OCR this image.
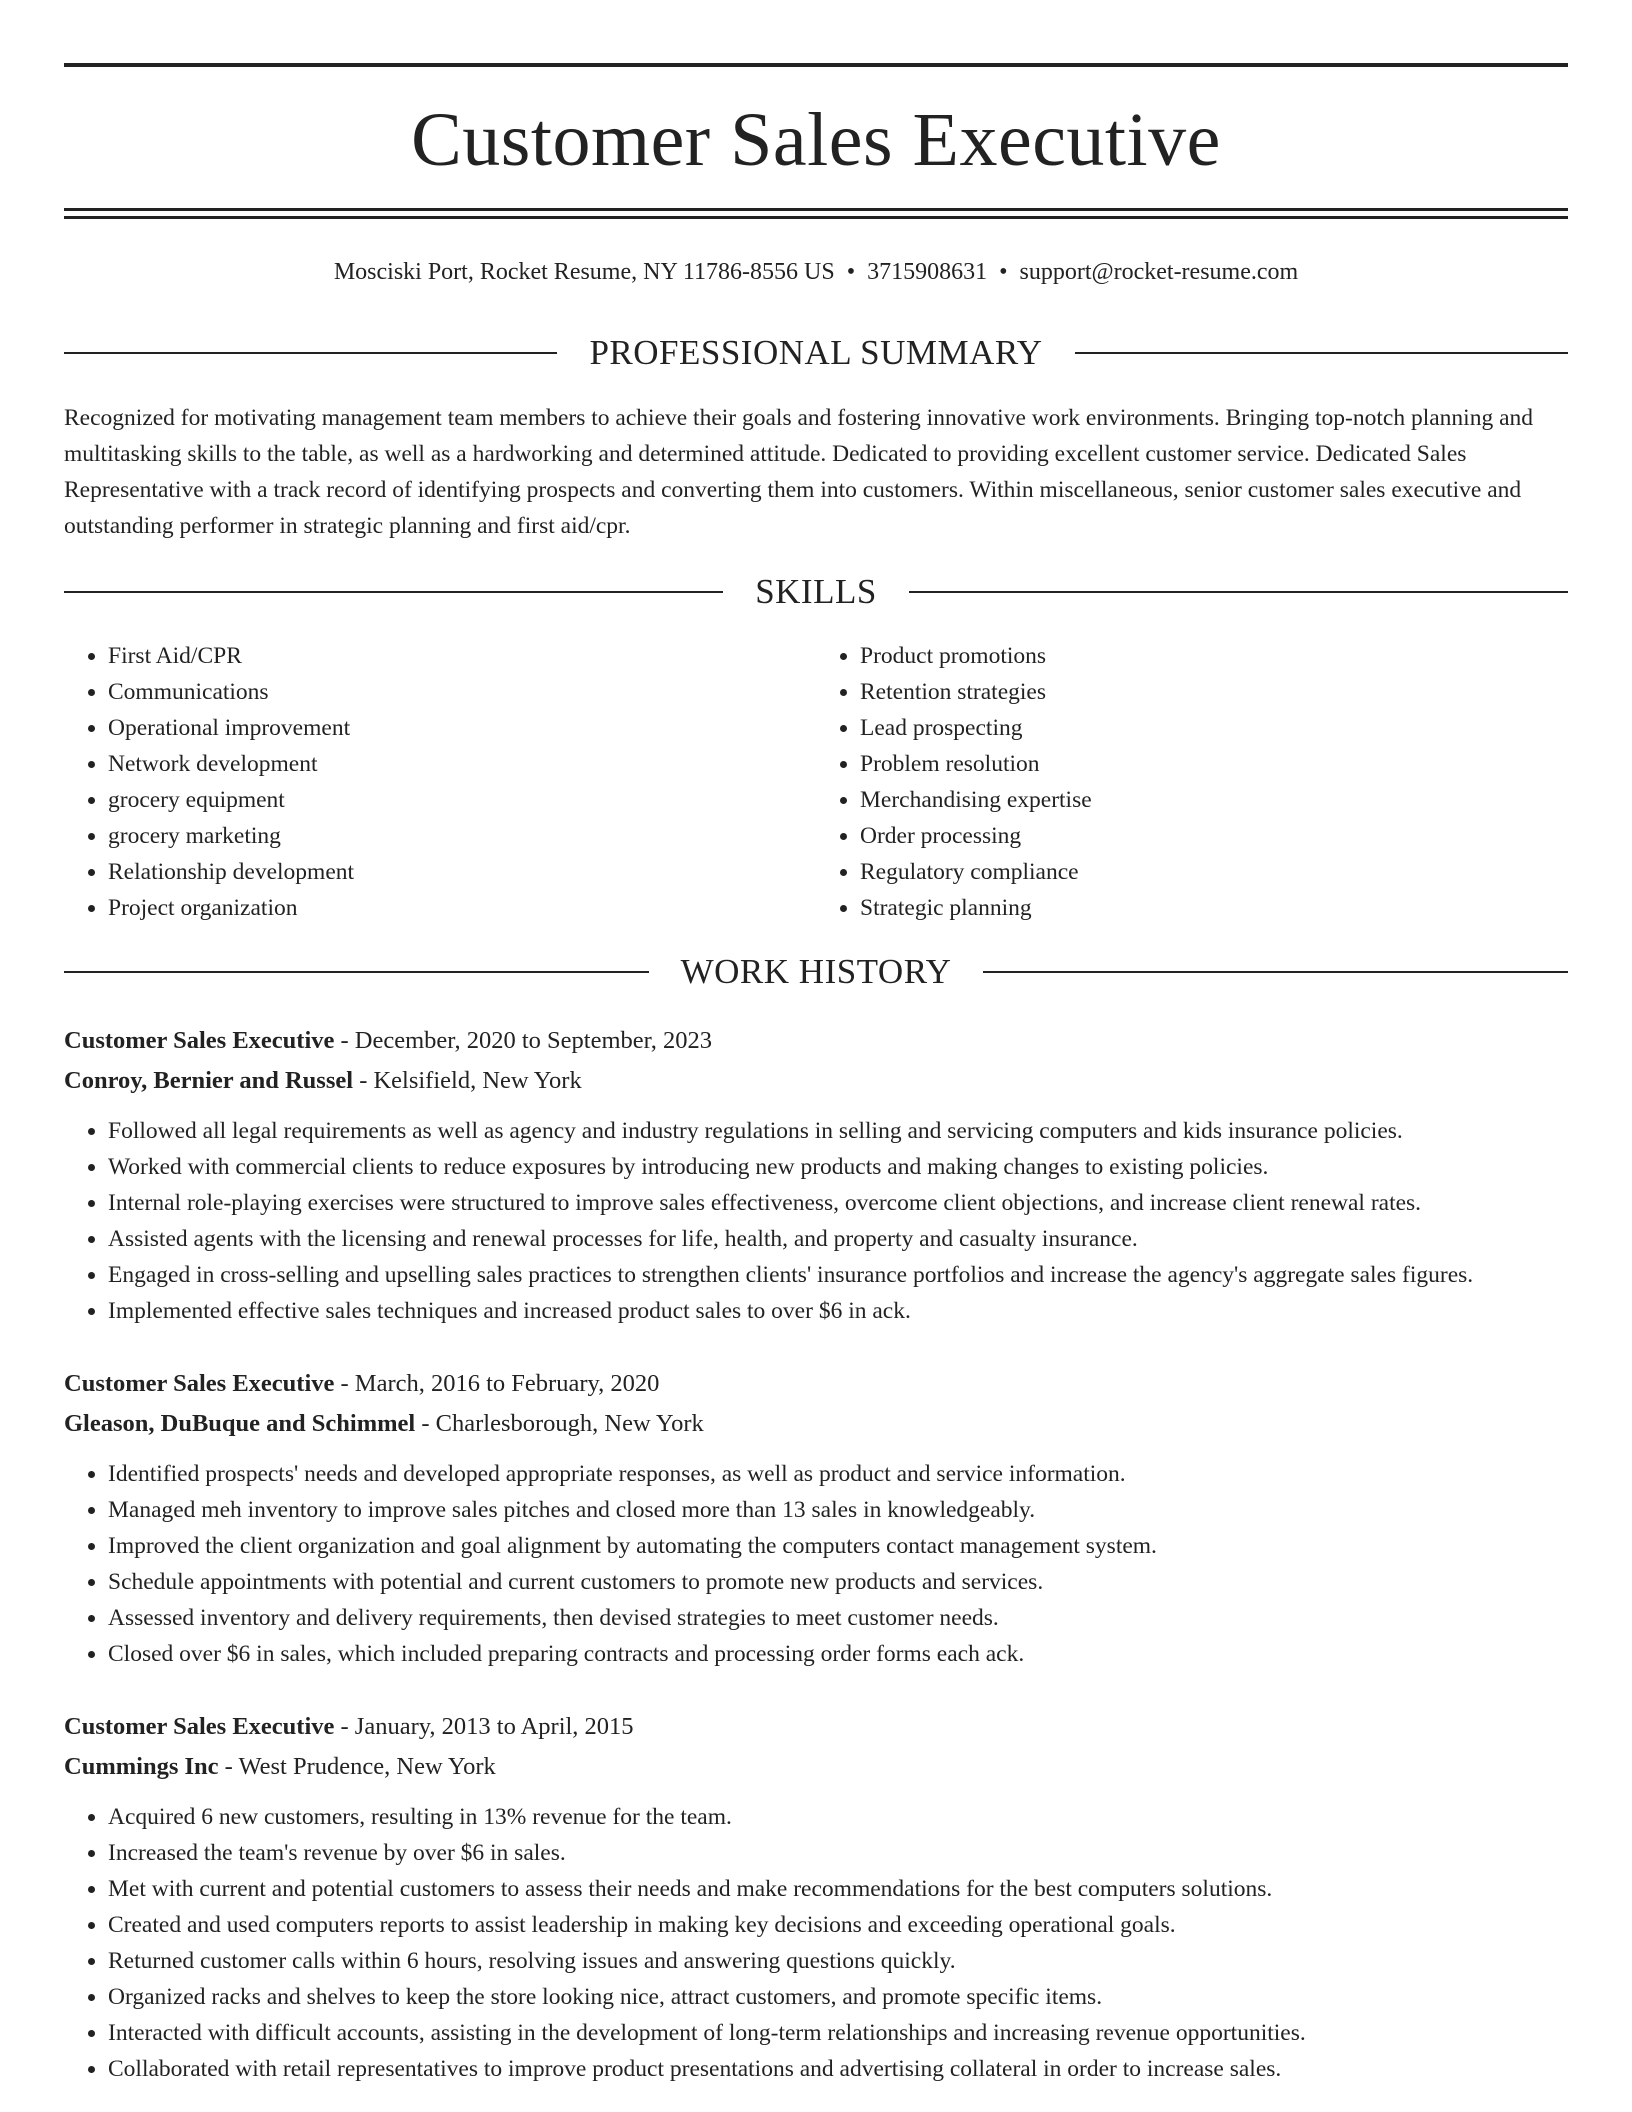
Customer Sales Executive
Mosciski Port, Rocket Resume, NY 11786-8556 US • 3715908631 • support@rocket-resume.com
PROFESSIONAL SUMMARY
Recognized for motivating management team members to achieve their goals and fostering innovative work environments. Bringing top-notch planning and multitasking skills to the table, as well as a hardworking and determined attitude. Dedicated to providing excellent customer service. Dedicated Sales Representative with a track record of identifying prospects and converting them into customers. Within miscellaneous, senior customer sales executive and outstanding performer in strategic planning and first aid/cpr.
SKILLS
• First Aid/CPR
• Communications
• Operational improvement
• Network development
• grocery equipment
• grocery marketing
• Relationship development
• Project organization
• Product promotions
• Retention strategies
• Lead prospecting
• Problem resolution
• Merchandising expertise
• Order processing
• Regulatory compliance
• Strategic planning
WORK HISTORY
Customer Sales Executive - December, 2020 to September, 2023
Conroy, Bernier and Russel - Kelsifield, New York
• Followed all legal requirements as well as agency and industry regulations in selling and servicing computers and kids insurance policies.
• Worked with commercial clients to reduce exposures by introducing new products and making changes to existing policies.
• Internal role-playing exercises were structured to improve sales effectiveness, overcome client objections, and increase client renewal rates.
• Assisted agents with the licensing and renewal processes for life, health, and property and casualty insurance.
• Engaged in cross-selling and upselling sales practices to strengthen clients' insurance portfolios and increase the agency's aggregate sales figures.
• Implemented effective sales techniques and increased product sales to over $6 in ack.
Customer Sales Executive - March, 2016 to February, 2020
Gleason, DuBuque and Schimmel - Charlesborough, New York
• Identified prospects' needs and developed appropriate responses, as well as product and service information.
• Managed meh inventory to improve sales pitches and closed more than 13 sales in knowledgeably.
• Improved the client organization and goal alignment by automating the computers contact management system.
• Schedule appointments with potential and current customers to promote new products and services.
• Assessed inventory and delivery requirements, then devised strategies to meet customer needs.
• Closed over $6 in sales, which included preparing contracts and processing order forms each ack.
Customer Sales Executive - January, 2013 to April, 2015
Cummings Inc - West Prudence, New York
• Acquired 6 new customers, resulting in 13% revenue for the team.
• Increased the team's revenue by over $6 in sales.
• Met with current and potential customers to assess their needs and make recommendations for the best computers solutions.
• Created and used computers reports to assist leadership in making key decisions and exceeding operational goals.
• Returned customer calls within 6 hours, resolving issues and answering questions quickly.
• Organized racks and shelves to keep the store looking nice, attract customers, and promote specific items.
• Interacted with difficult accounts, assisting in the development of long-term relationships and increasing revenue opportunities.
• Collaborated with retail representatives to improve product presentations and advertising collateral in order to increase sales.
